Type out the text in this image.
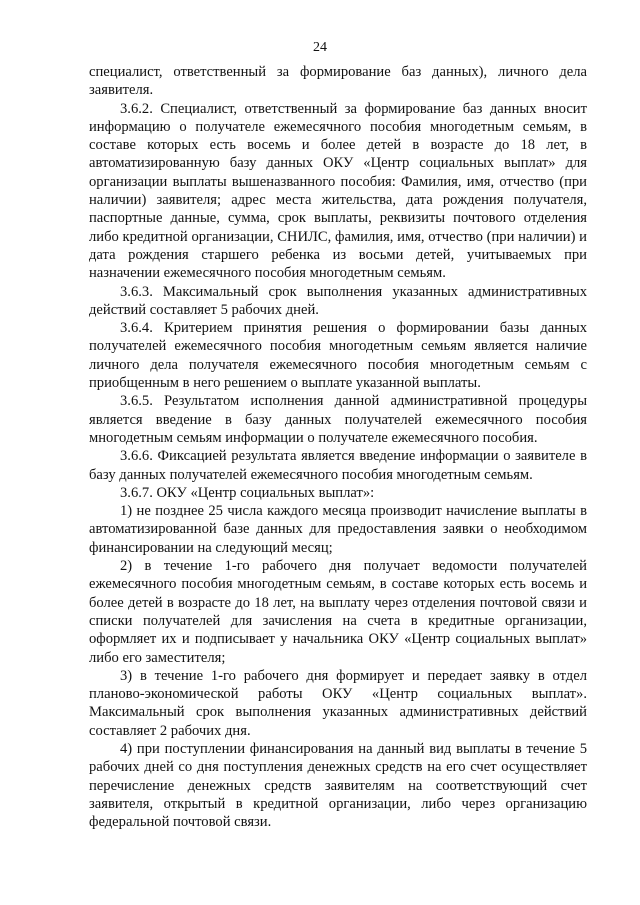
24

специалист, ответственный за формирование баз данных), личного дела заявителя.

3.6.2. Специалист, ответственный за формирование баз данных вносит информацию о получателе ежемесячного пособия многодетным семьям, в составе которых есть восемь и более детей в возрасте до 18 лет, в автоматизированную базу данных ОКУ «Центр социальных выплат» для организации выплаты вышеназванного пособия: Фамилия, имя, отчество (при наличии) заявителя; адрес места жительства, дата рождения получателя, паспортные данные, сумма, срок выплаты, реквизиты почтового отделения либо кредитной организации, СНИЛС, фамилия, имя, отчество (при наличии) и дата рождения старшего ребенка из восьми детей, учитываемых при назначении ежемесячного пособия многодетным семьям.

3.6.3. Максимальный срок выполнения указанных административных действий составляет 5 рабочих дней.

3.6.4. Критерием принятия решения о формировании базы данных получателей ежемесячного пособия многодетным семьям является наличие личного дела получателя ежемесячного пособия многодетным семьям с приобщенным в него решением о выплате указанной выплаты.

3.6.5. Результатом исполнения данной административной процедуры является введение в базу данных получателей ежемесячного пособия многодетным семьям информации о получателе ежемесячного пособия.

3.6.6. Фиксацией результата является введение информации о заявителе в базу данных получателей ежемесячного пособия многодетным семьям.

3.6.7. ОКУ «Центр социальных выплат»:

1) не позднее 25 числа каждого месяца производит начисление выплаты в автоматизированной базе данных для предоставления заявки о необходимом финансировании на следующий месяц;

2) в течение 1-го рабочего дня получает ведомости получателей ежемесячного пособия многодетным семьям, в составе которых есть восемь и более детей в возрасте до 18 лет, на выплату через отделения почтовой связи и списки получателей для зачисления на счета в кредитные организации, оформляет их и подписывает у начальника ОКУ «Центр социальных выплат» либо его заместителя;

3) в течение 1-го рабочего дня формирует и передает заявку в отдел планово-экономической работы ОКУ «Центр социальных выплат». Максимальный срок выполнения указанных административных действий составляет 2 рабочих дня.

4) при поступлении финансирования на данный вид выплаты в течение 5 рабочих дней со дня поступления денежных средств на его счет осуществляет перечисление денежных средств заявителям на соответствующий счет заявителя, открытый в кредитной организации, либо через организацию федеральной почтовой связи.
